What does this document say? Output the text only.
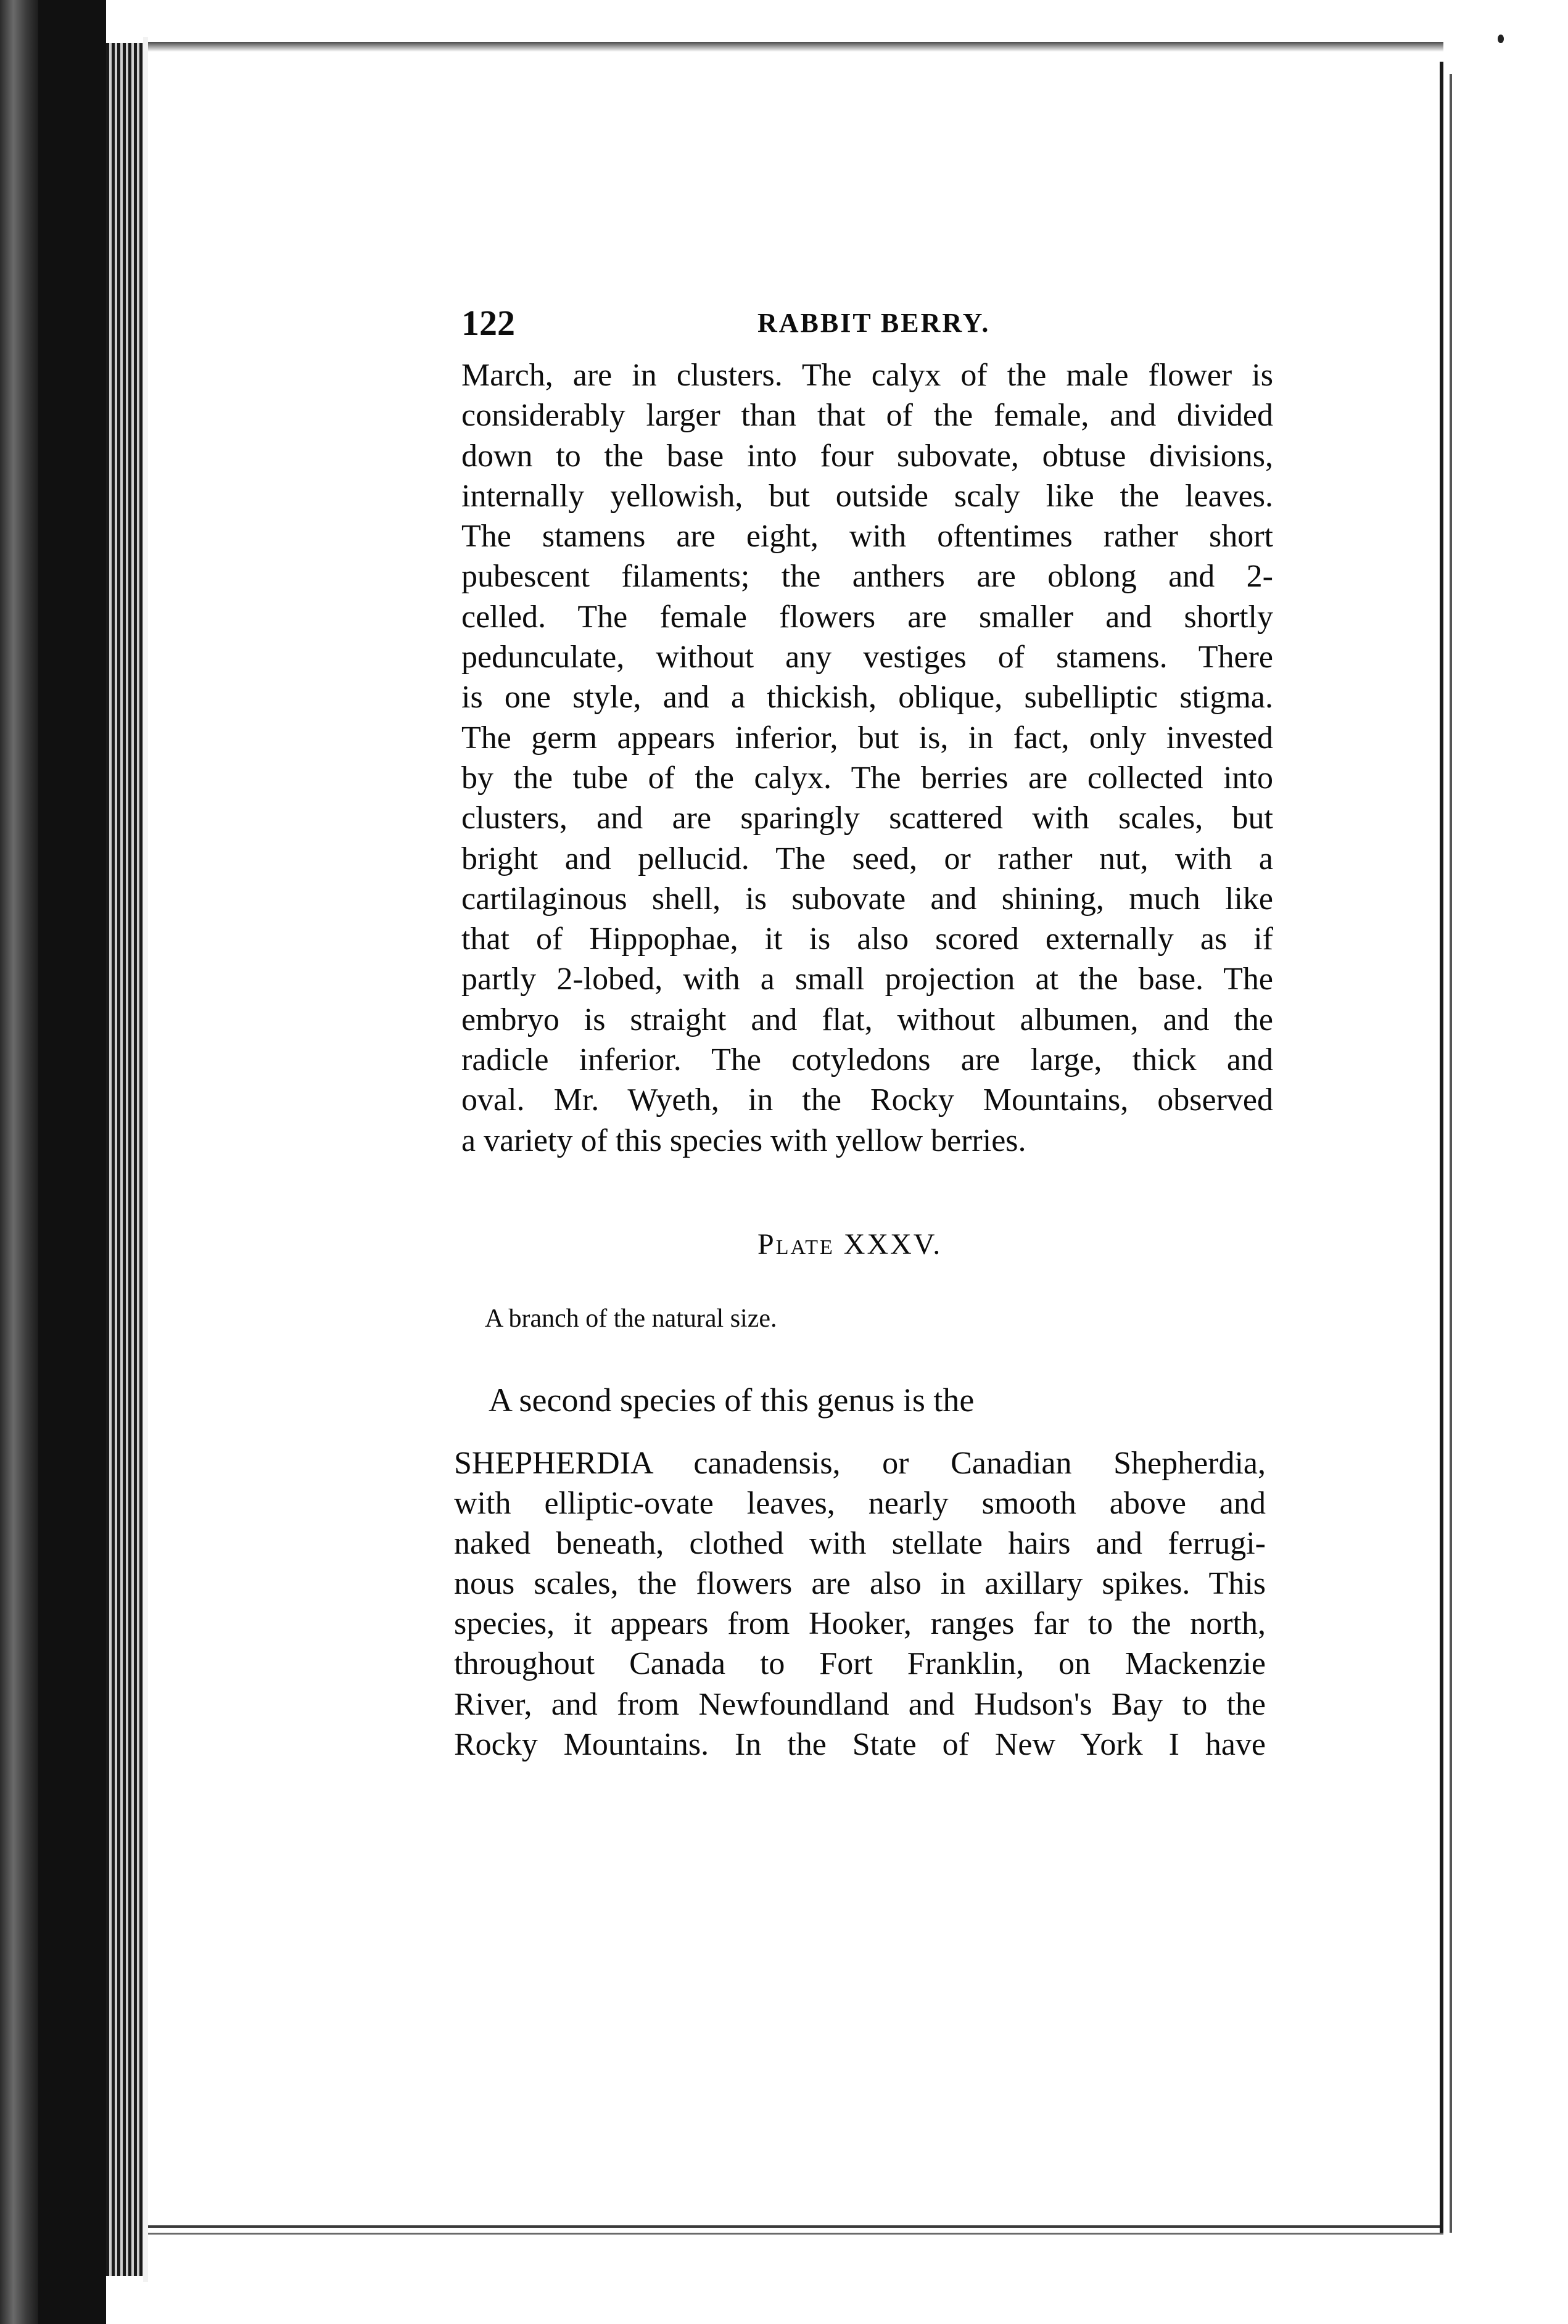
122	RABBIT BERRY.
March, are in clusters. The calyx of the male flower is
considerably larger than that of the female, and divided
down to the base into four subovate, obtuse divisions,
internally yellowish, but outside scaly like the leaves.
The stamens are eight, with oftentimes rather short
pubescent filaments; the anthers are oblong and 2-
celled. The female flowers are smaller and shortly
pedunculate, without any vestiges of stamens. There
is one style, and a thickish, oblique, subelliptic stigma.
The germ appears inferior, but is, in fact, only invested
by the tube of the calyx. The berries are collected into
clusters, and are sparingly scattered with scales, but
bright and pellucid. The seed, or rather nut, with a
cartilaginous shell, is subovate and shining, much like
that of Hippophae, it is also scored externally as if
partly 2-lobed, with a small projection at the base. The
embryo is straight and flat, without albumen, and the
radicle inferior. The cotyledons are large, thick and
oval. Mr. Wyeth, in the Rocky Mountains, observed
a variety of this species with yellow berries.
Plate XXXV.
A branch of the natural size.
A second species of this genus is the
SHEPHERDIA canadensis, or Canadian Shepherdia,
with elliptic-ovate leaves, nearly smooth above and
naked beneath, clothed with stellate hairs and ferrugi-
nous scales, the flowers are also in axillary spikes. This
species, it appears from Hooker, ranges far to the north,
throughout Canada to Fort Franklin, on Mackenzie
River, and from Newfoundland and Hudson's Bay to the
Rocky Mountains. In the State of New York I have
